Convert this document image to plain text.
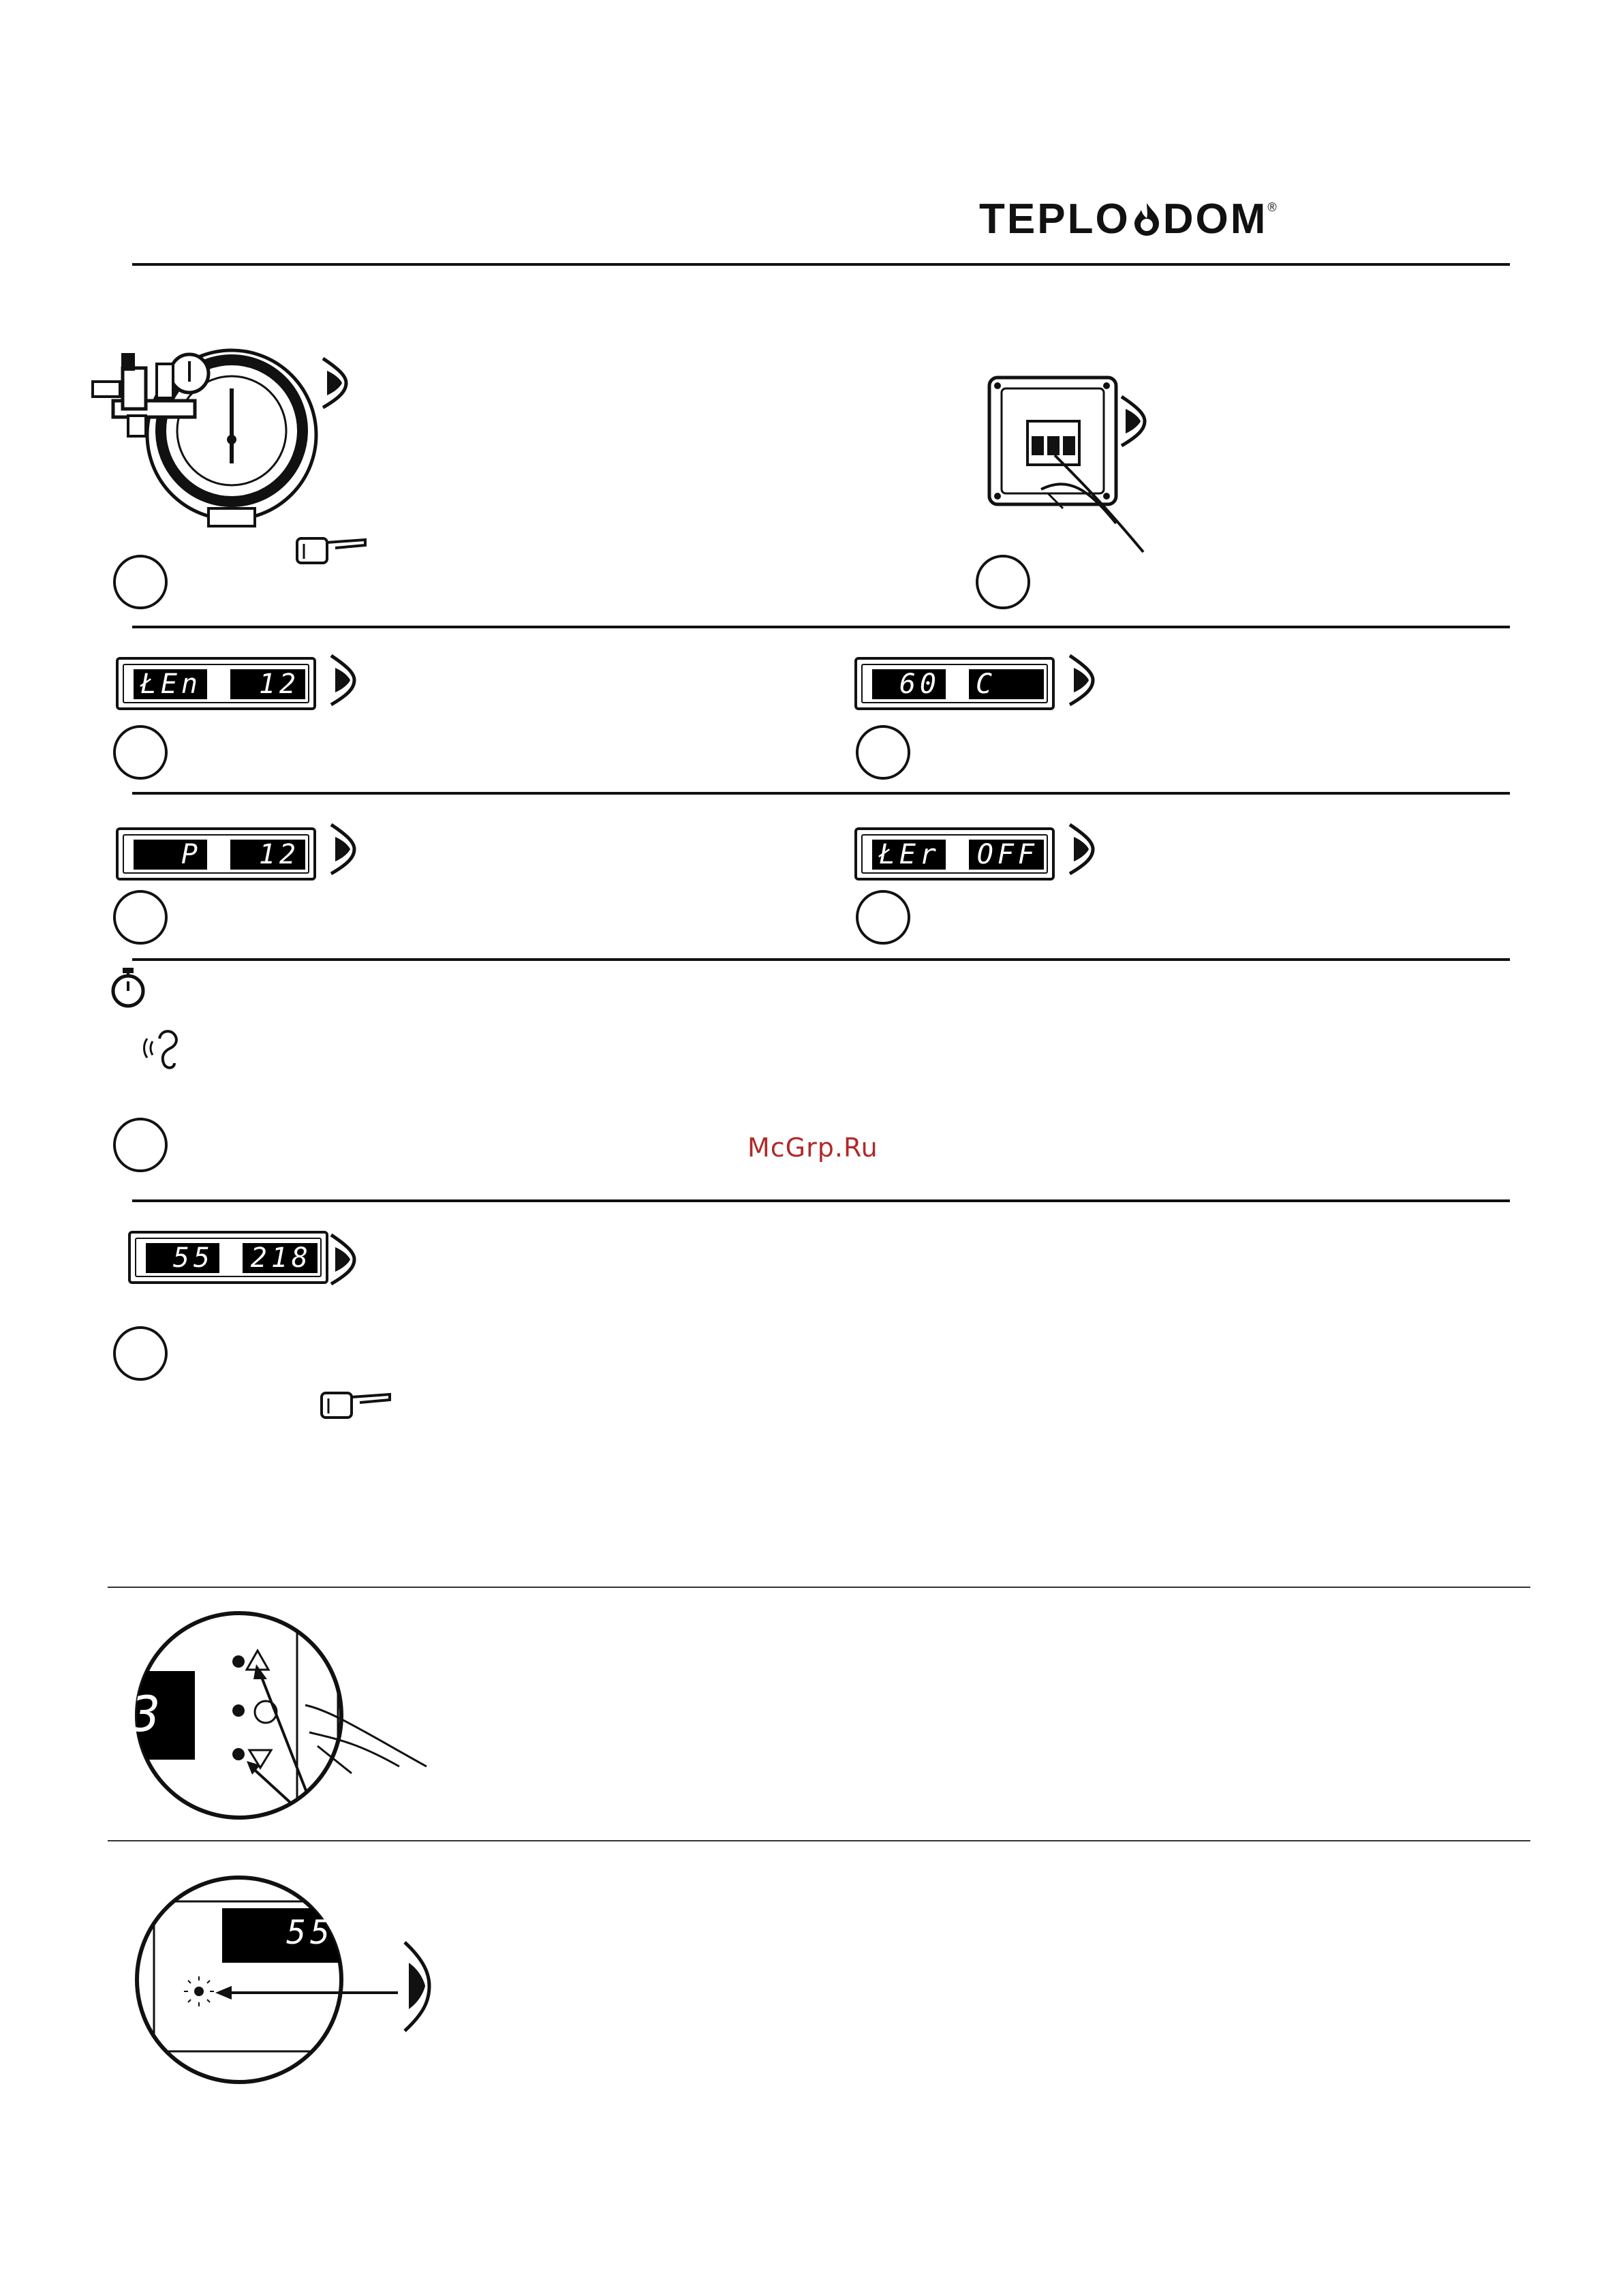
TEPLO DOM®
ŁEn	12	60 C
P	12	ŁEr OFF
McGrp.Ru
55 218
3
55
